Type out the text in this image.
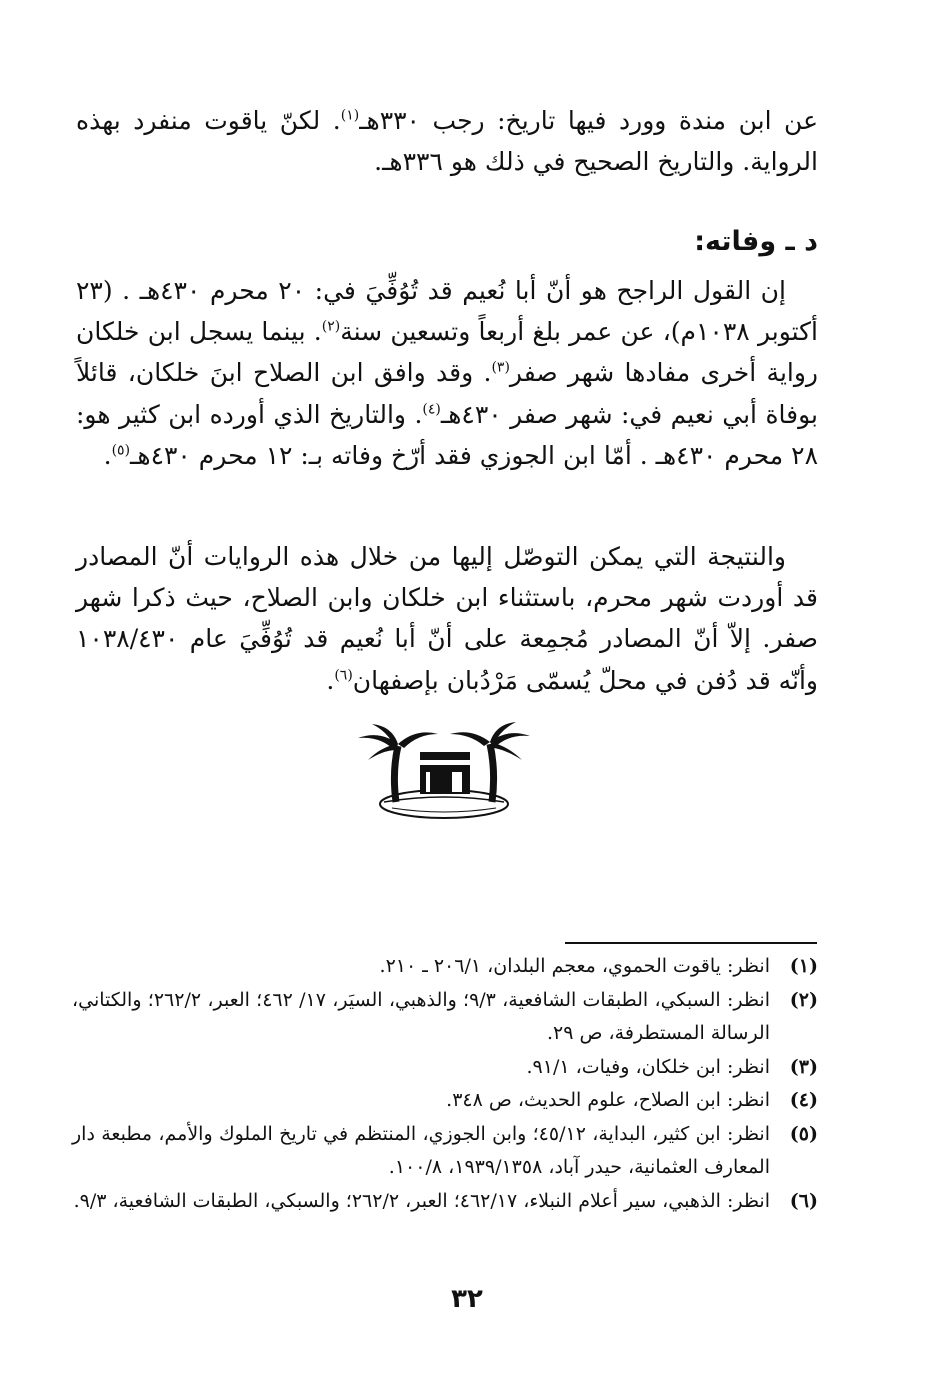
عن ابن مندة وورد فيها تاريخ: رجب ٣٣٠هـ$^{(١)}$. لكنّ ياقوت منفرد بهذه الرواية. والتاريخ الصحيح في ذلك هو ٣٣٦هـ.

د ـ وفاته:

إن القول الراجح هو أنّ أبا نُعيم قد تُوُفِّيَ في: ٢٠ محرم ٤٣٠هـ . (٢٣ أكتوبر ١٠٣٨م)، عن عمر بلغ أربعاً وتسعين سنة$^{(٢)}$. بينما يسجل ابن خلكان رواية أخرى مفادها شهر صفر$^{(٣)}$. وقد وافق ابن الصلاح ابنَ خلكان، قائلاً بوفاة أبي نعيم في: شهر صفر ٤٣٠هـ$^{(٤)}$. والتاريخ الذي أورده ابن كثير هو: ٢٨ محرم ٤٣٠هـ . أمّا ابن الجوزي فقد أرّخ وفاته بـ: ١٢ محرم ٤٣٠هـ$^{(٥)}$.

والنتيجة التي يمكن التوصّل إليها من خلال هذه الروايات أنّ المصادر قد أوردت شهر محرم، باستثناء ابن خلكان وابن الصلاح، حيث ذكرا شهر صفر. إلاّ أنّ المصادر مُجمِعة على أنّ أبا نُعيم قد تُوُفِّيَ عام ١٠٣٨/٤٣٠ وأنّه قد دُفن في محلّ يُسمّى مَرْدُبان بإصفهان$^{(٦)}$.

(١)
انظر: ياقوت الحموي، معجم البلدان، ٢٠٦/١ ـ ٢١٠.
(٢)
انظر: السبكي، الطبقات الشافعية، ٩/٣؛ والذهبي، السيَر، ١٧/ ٤٦٢؛ العبر، ٢٦٢/٢؛ والكتاني، الرسالة المستطرفة، ص ٢٩.
(٣)
انظر: ابن خلكان، وفيات، ٩١/١.
(٤)
انظر: ابن الصلاح، علوم الحديث، ص ٣٤٨.
(٥)
انظر: ابن كثير، البداية، ٤٥/١٢؛ وابن الجوزي، المنتظم في تاريخ الملوك والأمم، مطبعة دار المعارف العثمانية، حيدر آباد، ١٩٣٩/١٣٥٨، ١٠٠/٨.
(٦)
انظر: الذهبي، سير أعلام النبلاء، ٤٦٢/١٧؛ العبر، ٢٦٢/٢؛ والسبكي، الطبقات الشافعية، ٩/٣.
٣٢
